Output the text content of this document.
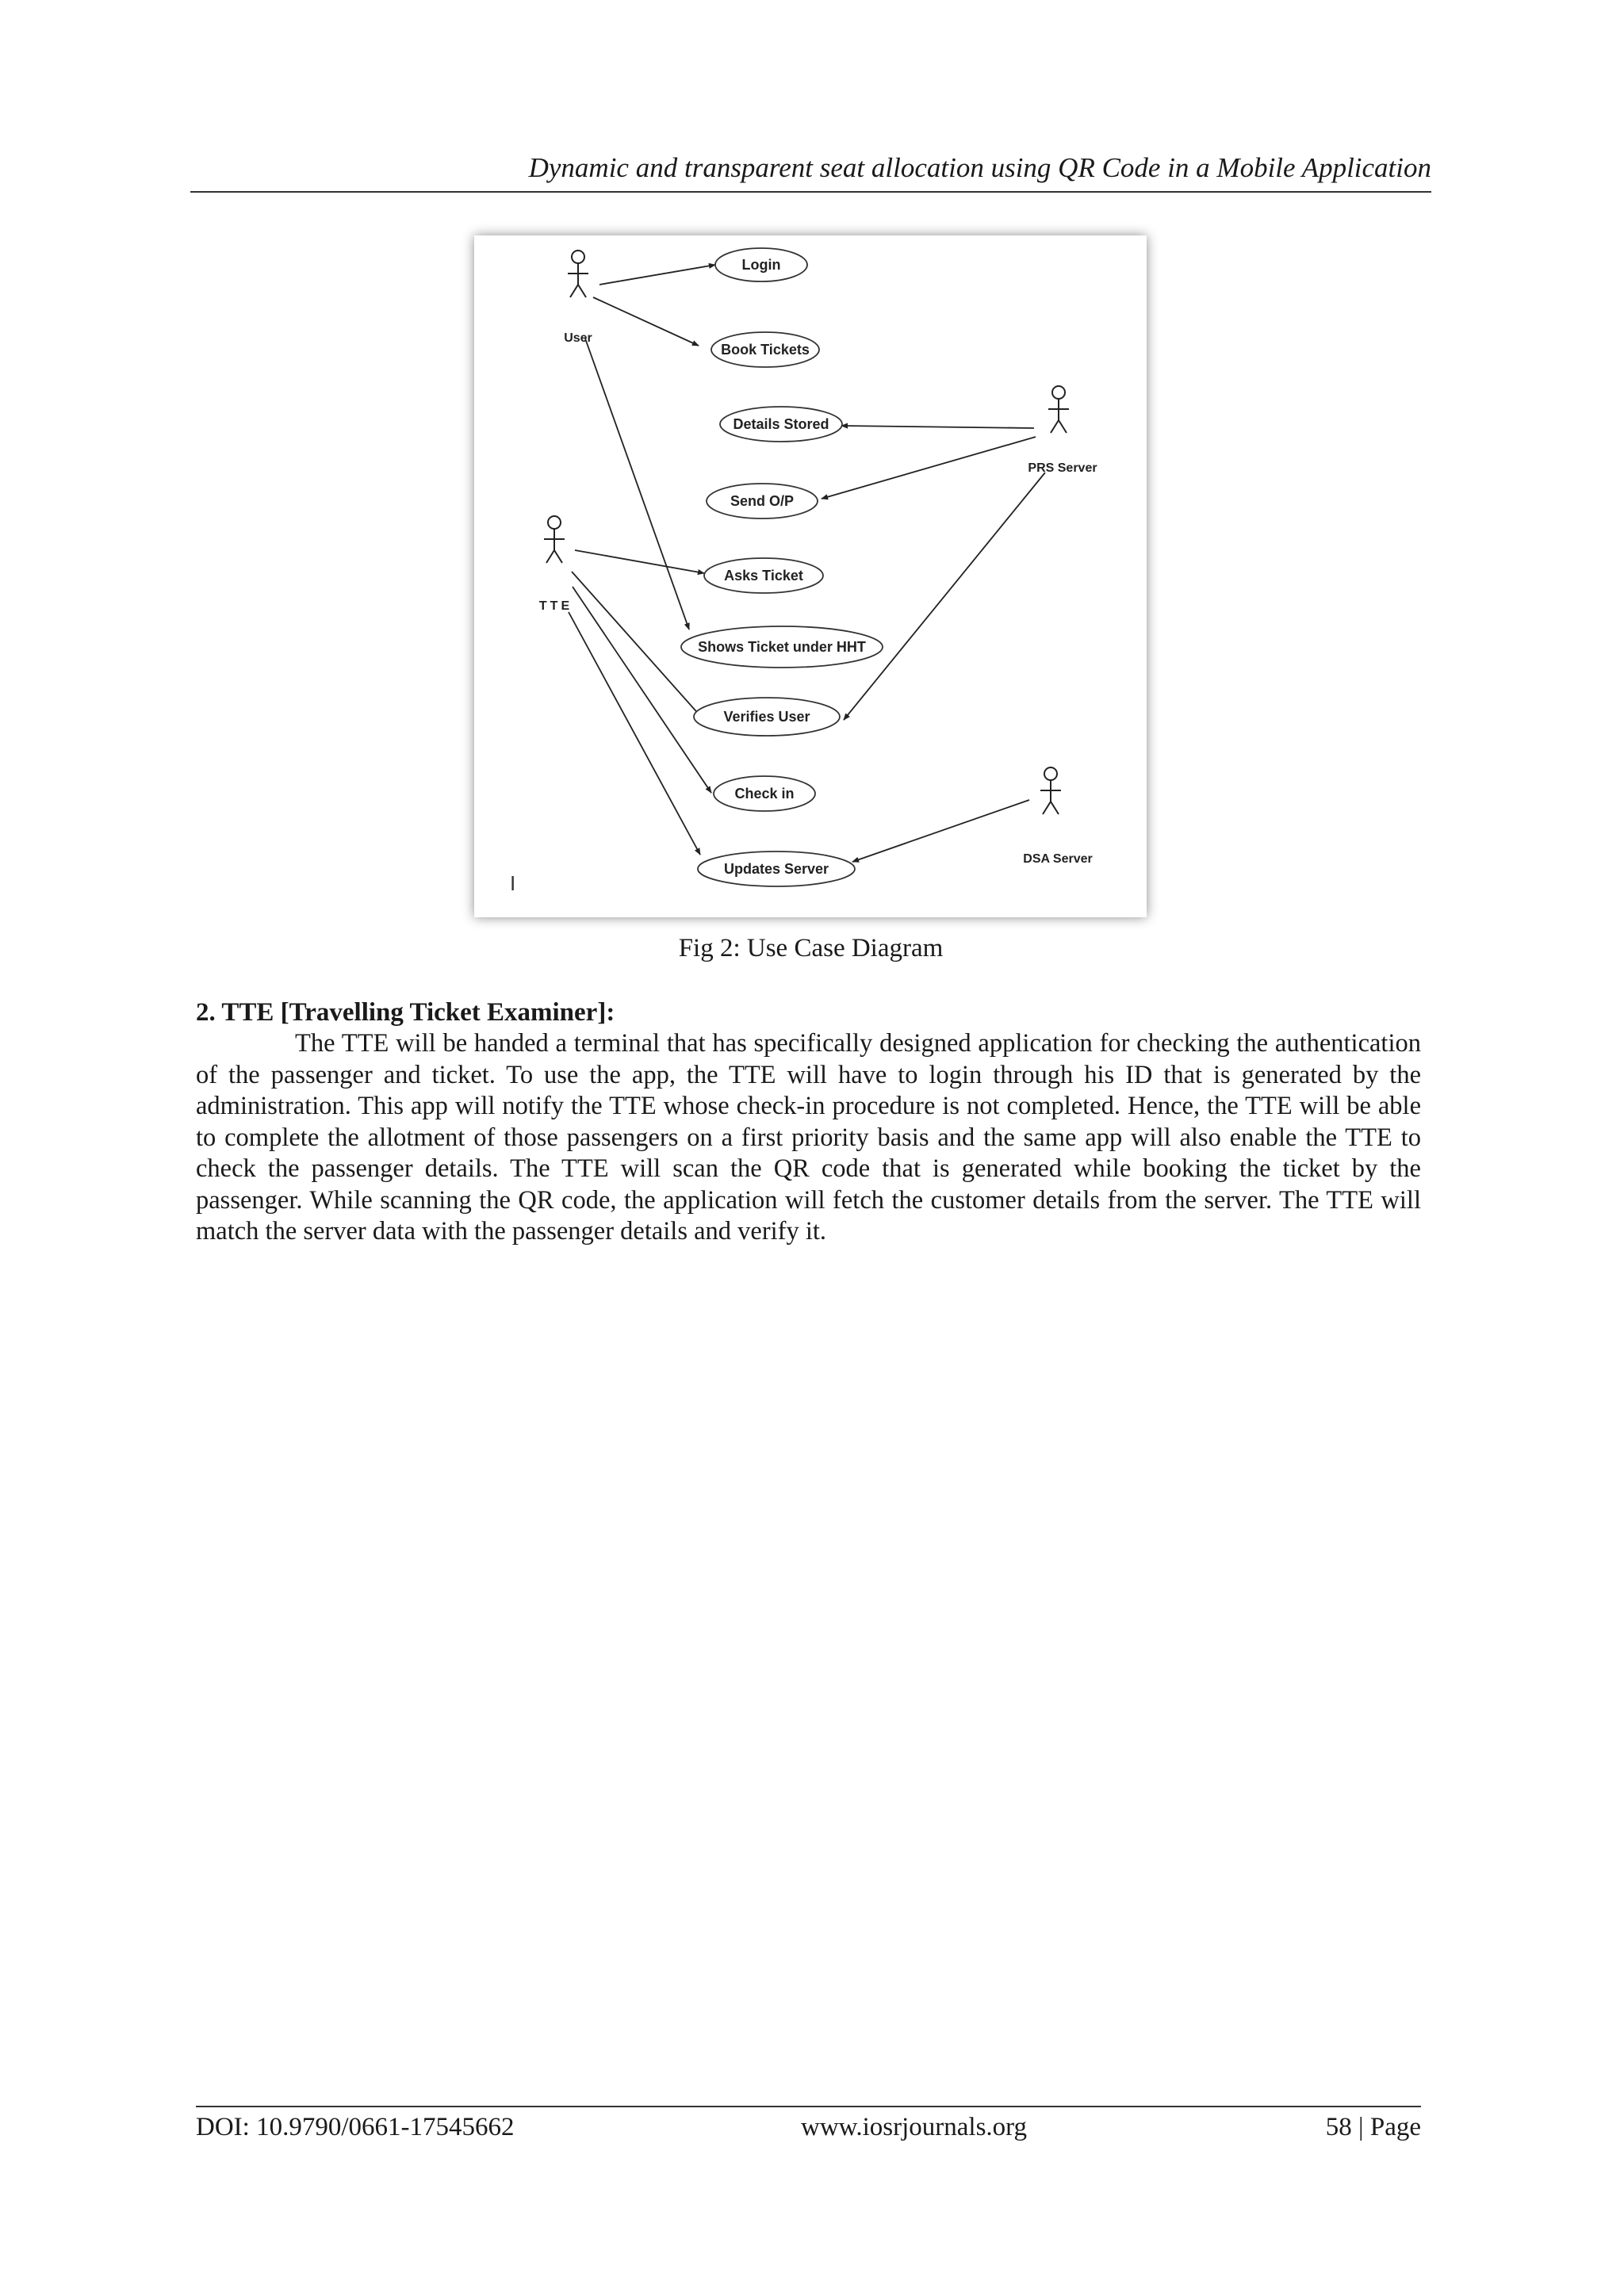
Dynamic and transparent seat allocation using QR Code in a Mobile Application
User
PRS Server
TTE
DSA Server
Login
Book Tickets
Details Stored
Send O/P
Asks Ticket
Shows Ticket under HHT
Verifies User
Check in
Updates Server
I
Fig 2: Use Case Diagram
2. TTE [Travelling Ticket Examiner]:
The TTE will be handed a terminal that has specifically designed application for checking the authentication of the passenger and ticket. To use the app, the TTE will have to login through his ID that is generated by the administration. This app will notify the TTE whose check-in procedure is not completed. Hence, the TTE will be able to complete the allotment of those passengers on a first priority basis and the same app will also enable the TTE to check the passenger details. The TTE will scan the QR code that is generated while booking the ticket by the passenger. While scanning the QR code, the application will fetch the customer details from the server. The TTE will match the server data with the passenger details and verify it.
DOI: 10.9790/0661-17545662	www.iosrjournals.org	58 | Page
